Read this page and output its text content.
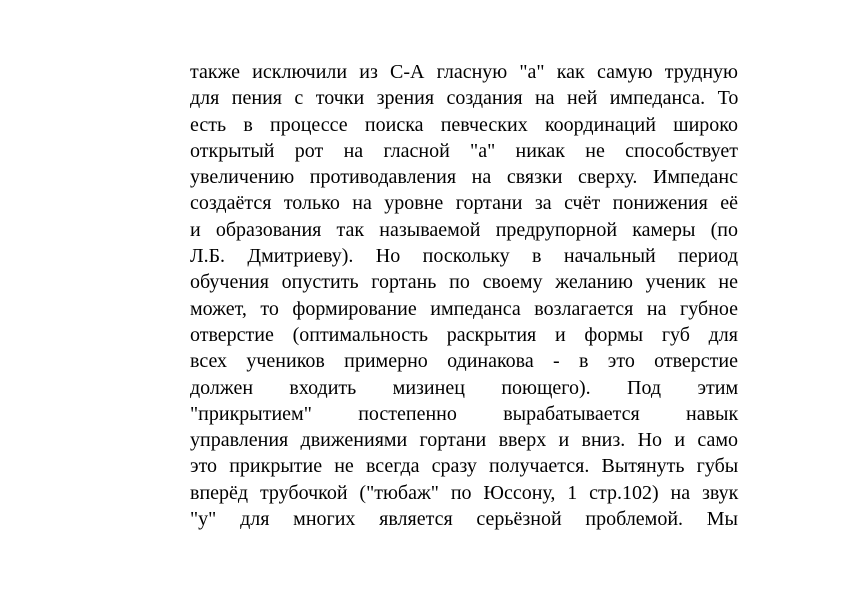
также исключили из С-А гласную "а" как самую трудную
для пения с точки зрения создания на ней импеданса. То
есть в процессе поиска певческих координаций широко
открытый рот на гласной "а" никак не способствует
увеличению противодавления на связки сверху. Импеданс
создаётся только на уровне гортани за счёт понижения её
и образования так называемой предрупорной камеры (по
Л.Б. Дмитриеву). Но поскольку в начальный период
обучения опустить гортань по своему желанию ученик не
может, то формирование импеданса возлагается на губное
отверстие (оптимальность раскрытия и формы губ для
всех учеников примерно одинакова - в это отверстие
должен входить мизинец поющего). Под этим
"прикрытием" постепенно вырабатывается навык
управления движениями гортани вверх и вниз. Но и само
это прикрытие не всегда сразу получается. Вытянуть губы
вперёд трубочкой ("тюбаж" по Юссону, 1 стр.102) на звук
"у" для многих является серьёзной проблемой. Мы
